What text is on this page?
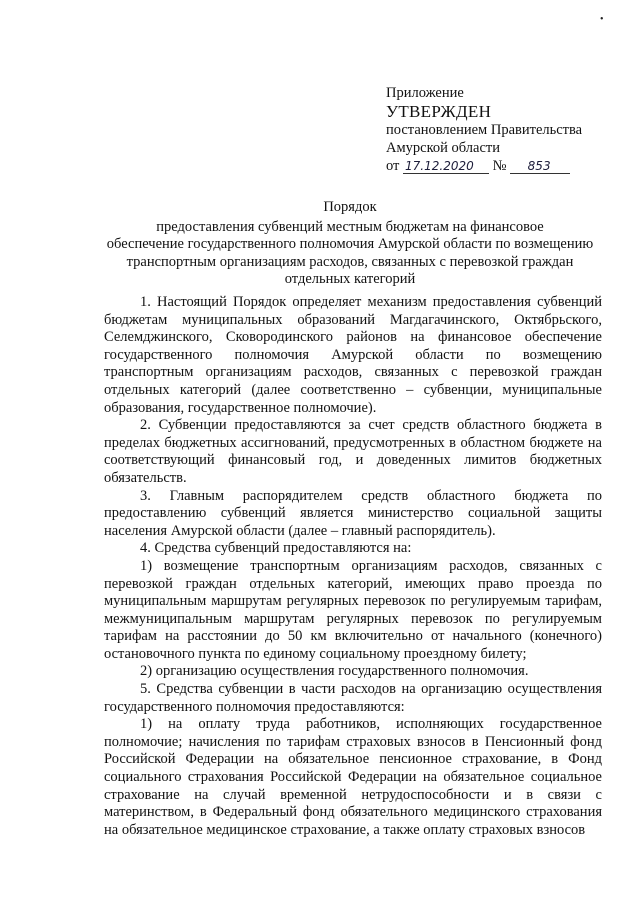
•
Приложение
УТВЕРЖДЕН
постановлением Правительства
Амурской области
от 17.12.2020 № 853
Порядок
предоставления субвенций местным бюджетам на финансовое
обеспечение государственного полномочия Амурской области по возмещению
транспортным организациям расходов, связанных с перевозкой граждан
отдельных категорий

1. Настоящий Порядок определяет механизм предоставления субвенций бюджетам муниципальных образований Магдагачинского, Октябрьского, Селемджинского, Сковородинского районов на финансовое обеспечение государственного полномочия Амурской области по возмещению транспортным организациям расходов, связанных с перевозкой граждан отдельных категорий (далее соответственно – субвенции, муниципальные образования, государственное полномочие).

2. Субвенции предоставляются за счет средств областного бюджета в пределах бюджетных ассигнований, предусмотренных в областном бюджете на соответствующий финансовый год, и доведенных лимитов бюджетных обязательств.

3. Главным распорядителем средств областного бюджета по предоставлению субвенций является министерство социальной защиты населения Амурской области (далее – главный распорядитель).

4. Средства субвенций предоставляются на:

1) возмещение транспортным организациям расходов, связанных с перевозкой граждан отдельных категорий, имеющих право проезда по муниципальным маршрутам регулярных перевозок по регулируемым тарифам, межмуниципальным маршрутам регулярных перевозок по регулируемым тарифам на расстоянии до 50 км включительно от начального (конечного) остановочного пункта по единому социальному проездному билету;

2) организацию осуществления государственного полномочия.

5. Средства субвенции в части расходов на организацию осуществления государственного полномочия предоставляются:

1) на оплату труда работников, исполняющих государственное полномочие; начисления по тарифам страховых взносов в Пенсионный фонд Российской Федерации на обязательное пенсионное страхование, в Фонд социального страхования Российской Федерации на обязательное социальное страхование на случай временной нетрудоспособности и в связи с материнством, в Федеральный фонд обязательного медицинского страхования на обязательное медицинское страхование, а также оплату страховых взносов
